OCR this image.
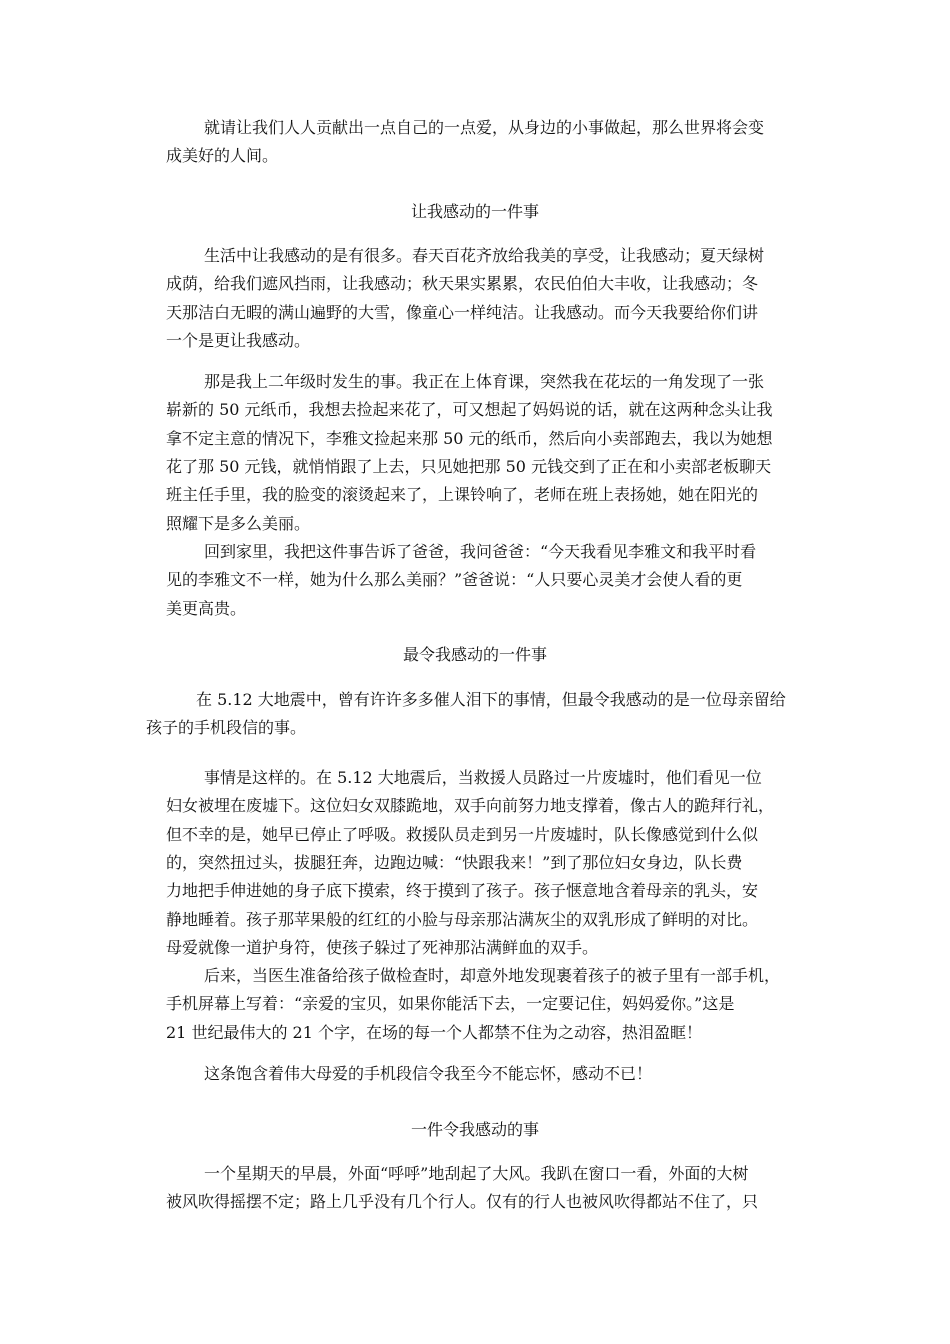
就请让我们人人贡献出一点自己的一点爱，从身边的小事做起，那么世界将会变
成美好的人间。
让我感动的一件事
生活中让我感动的是有很多。春天百花齐放给我美的享受，让我感动；夏天绿树
成荫，给我们遮风挡雨，让我感动；秋天果实累累，农民伯伯大丰收，让我感动；冬
天那洁白无暇的满山遍野的大雪，像童心一样纯洁。让我感动。而今天我要给你们讲
一个是更让我感动。
那是我上二年级时发生的事。我正在上体育课，突然我在花坛的一角发现了一张
崭新的 50 元纸币，我想去捡起来花了，可又想起了妈妈说的话，就在这两种念头让我
拿不定主意的情况下，李雅文捡起来那 50 元的纸币，然后向小卖部跑去，我以为她想
花了那 50 元钱，就悄悄跟了上去，只见她把那 50 元钱交到了正在和小卖部老板聊天
班主任手里，我的脸变的滚烫起来了，上课铃响了，老师在班上表扬她，她在阳光的
照耀下是多么美丽。
回到家里，我把这件事告诉了爸爸，我问爸爸：“今天我看见李雅文和我平时看
见的李雅文不一样，她为什么那么美丽？”爸爸说：“人只要心灵美才会使人看的更
美更高贵。
最令我感动的一件事
在 5.12 大地震中，曾有许许多多催人泪下的事情，但最令我感动的是一位母亲留给
孩子的手机段信的事。
事情是这样的。在 5.12 大地震后，当救援人员路过一片废墟时，他们看见一位
妇女被埋在废墟下。这位妇女双膝跪地，双手向前努力地支撑着，像古人的跪拜行礼，
但不幸的是，她早已停止了呼吸。救援队员走到另一片废墟时，队长像感觉到什么似
的，突然扭过头，拔腿狂奔，边跑边喊：“快跟我来！”到了那位妇女身边，队长费
力地把手伸进她的身子底下摸索，终于摸到了孩子。孩子惬意地含着母亲的乳头，安
静地睡着。孩子那苹果般的红红的小脸与母亲那沾满灰尘的双乳形成了鲜明的对比。
母爱就像一道护身符，使孩子躲过了死神那沾满鲜血的双手。
后来，当医生准备给孩子做检查时，却意外地发现裹着孩子的被子里有一部手机，
手机屏幕上写着：“亲爱的宝贝，如果你能活下去，一定要记住，妈妈爱你。”这是
21 世纪最伟大的 21 个字，在场的每一个人都禁不住为之动容，热泪盈眶！
这条饱含着伟大母爱的手机段信令我至今不能忘怀，感动不已！
一件令我感动的事
一个星期天的早晨，外面“呼呼”地刮起了大风。我趴在窗口一看，外面的大树
被风吹得摇摆不定；路上几乎没有几个行人。仅有的行人也被风吹得都站不住了，只
